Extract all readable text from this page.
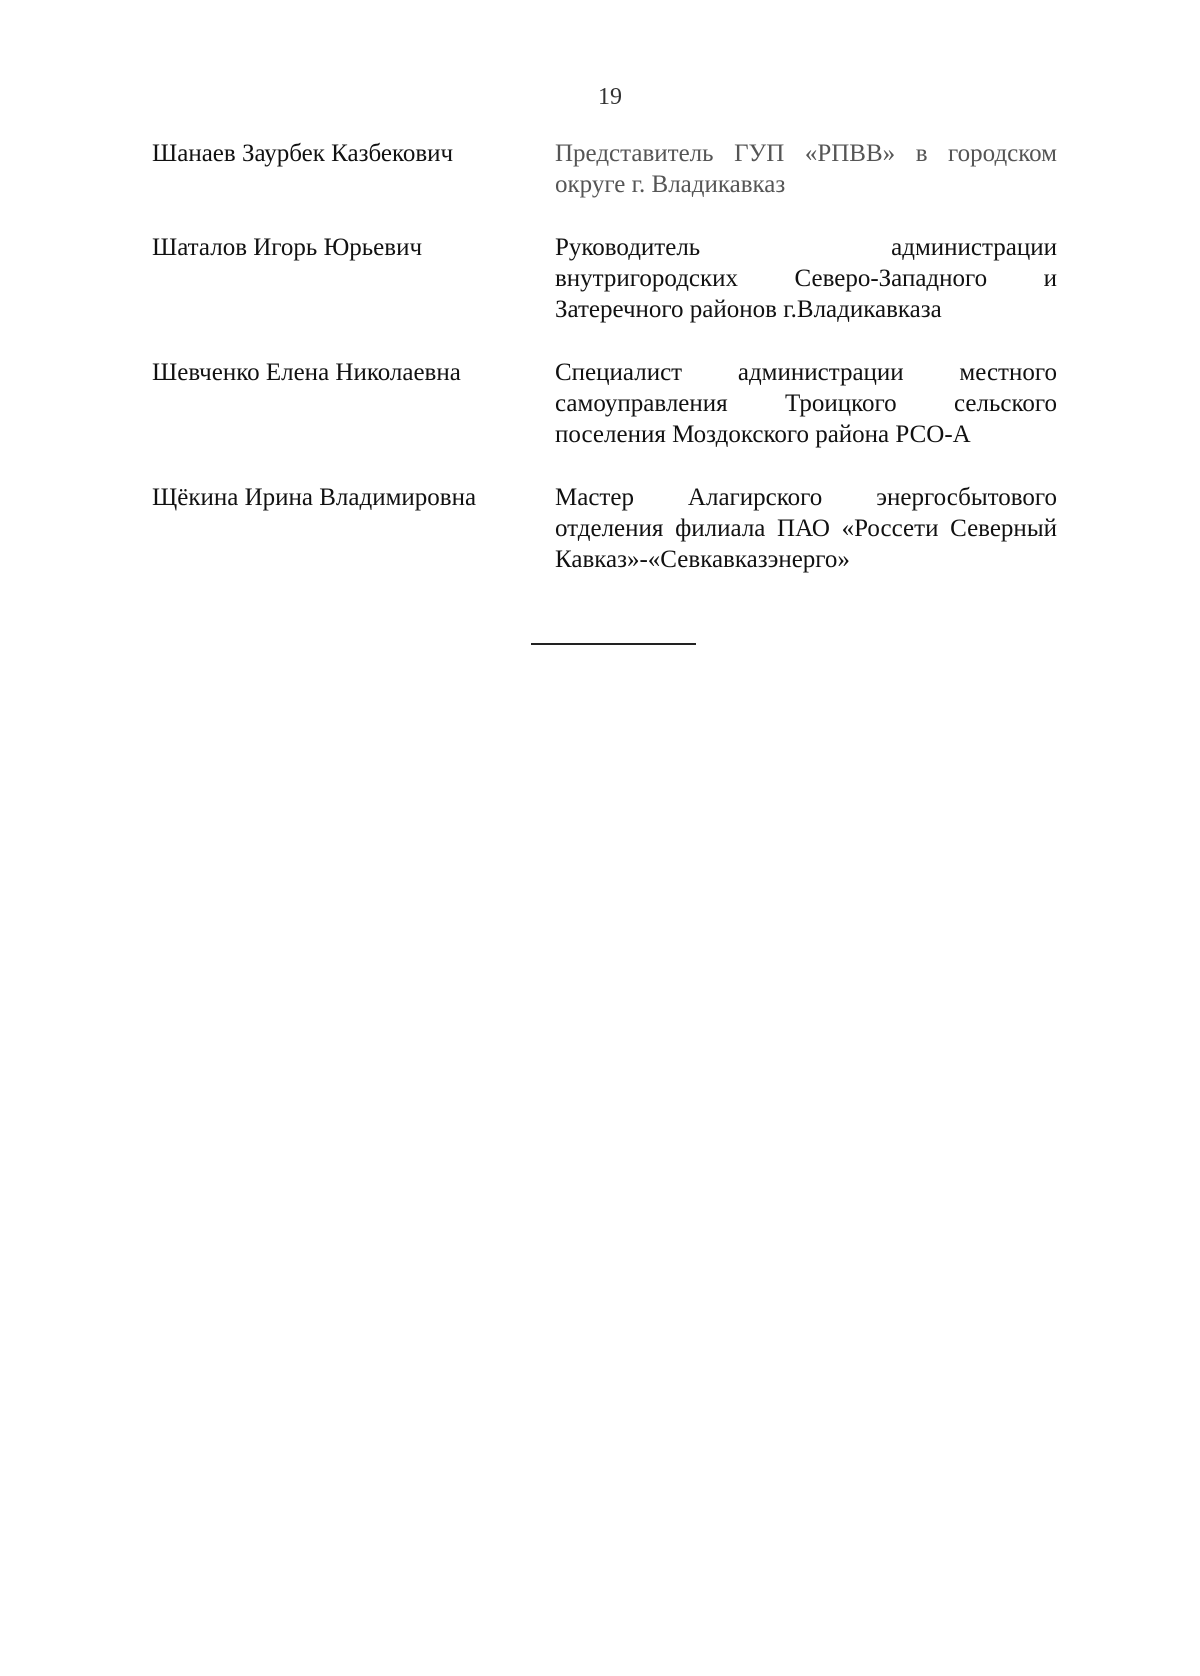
19
Шанаев Заурбек Казбекович	Представитель ГУП «РПВВ» в городском округе г. Владикавказ
Шаталов Игорь Юрьевич	Руководитель администрации внутригородских Северо-Западного и Затеречного районов г.Владикавказа
Шевченко Елена Николаевна	Специалист администрации местного самоуправления Троицкого сельского поселения Моздокского района РСО-А
Щёкина Ирина Владимировна	Мастер Алагирского энергосбытового отделения филиала ПАО «Россети Северный Кавказ»-«Севкавказэнерго»
